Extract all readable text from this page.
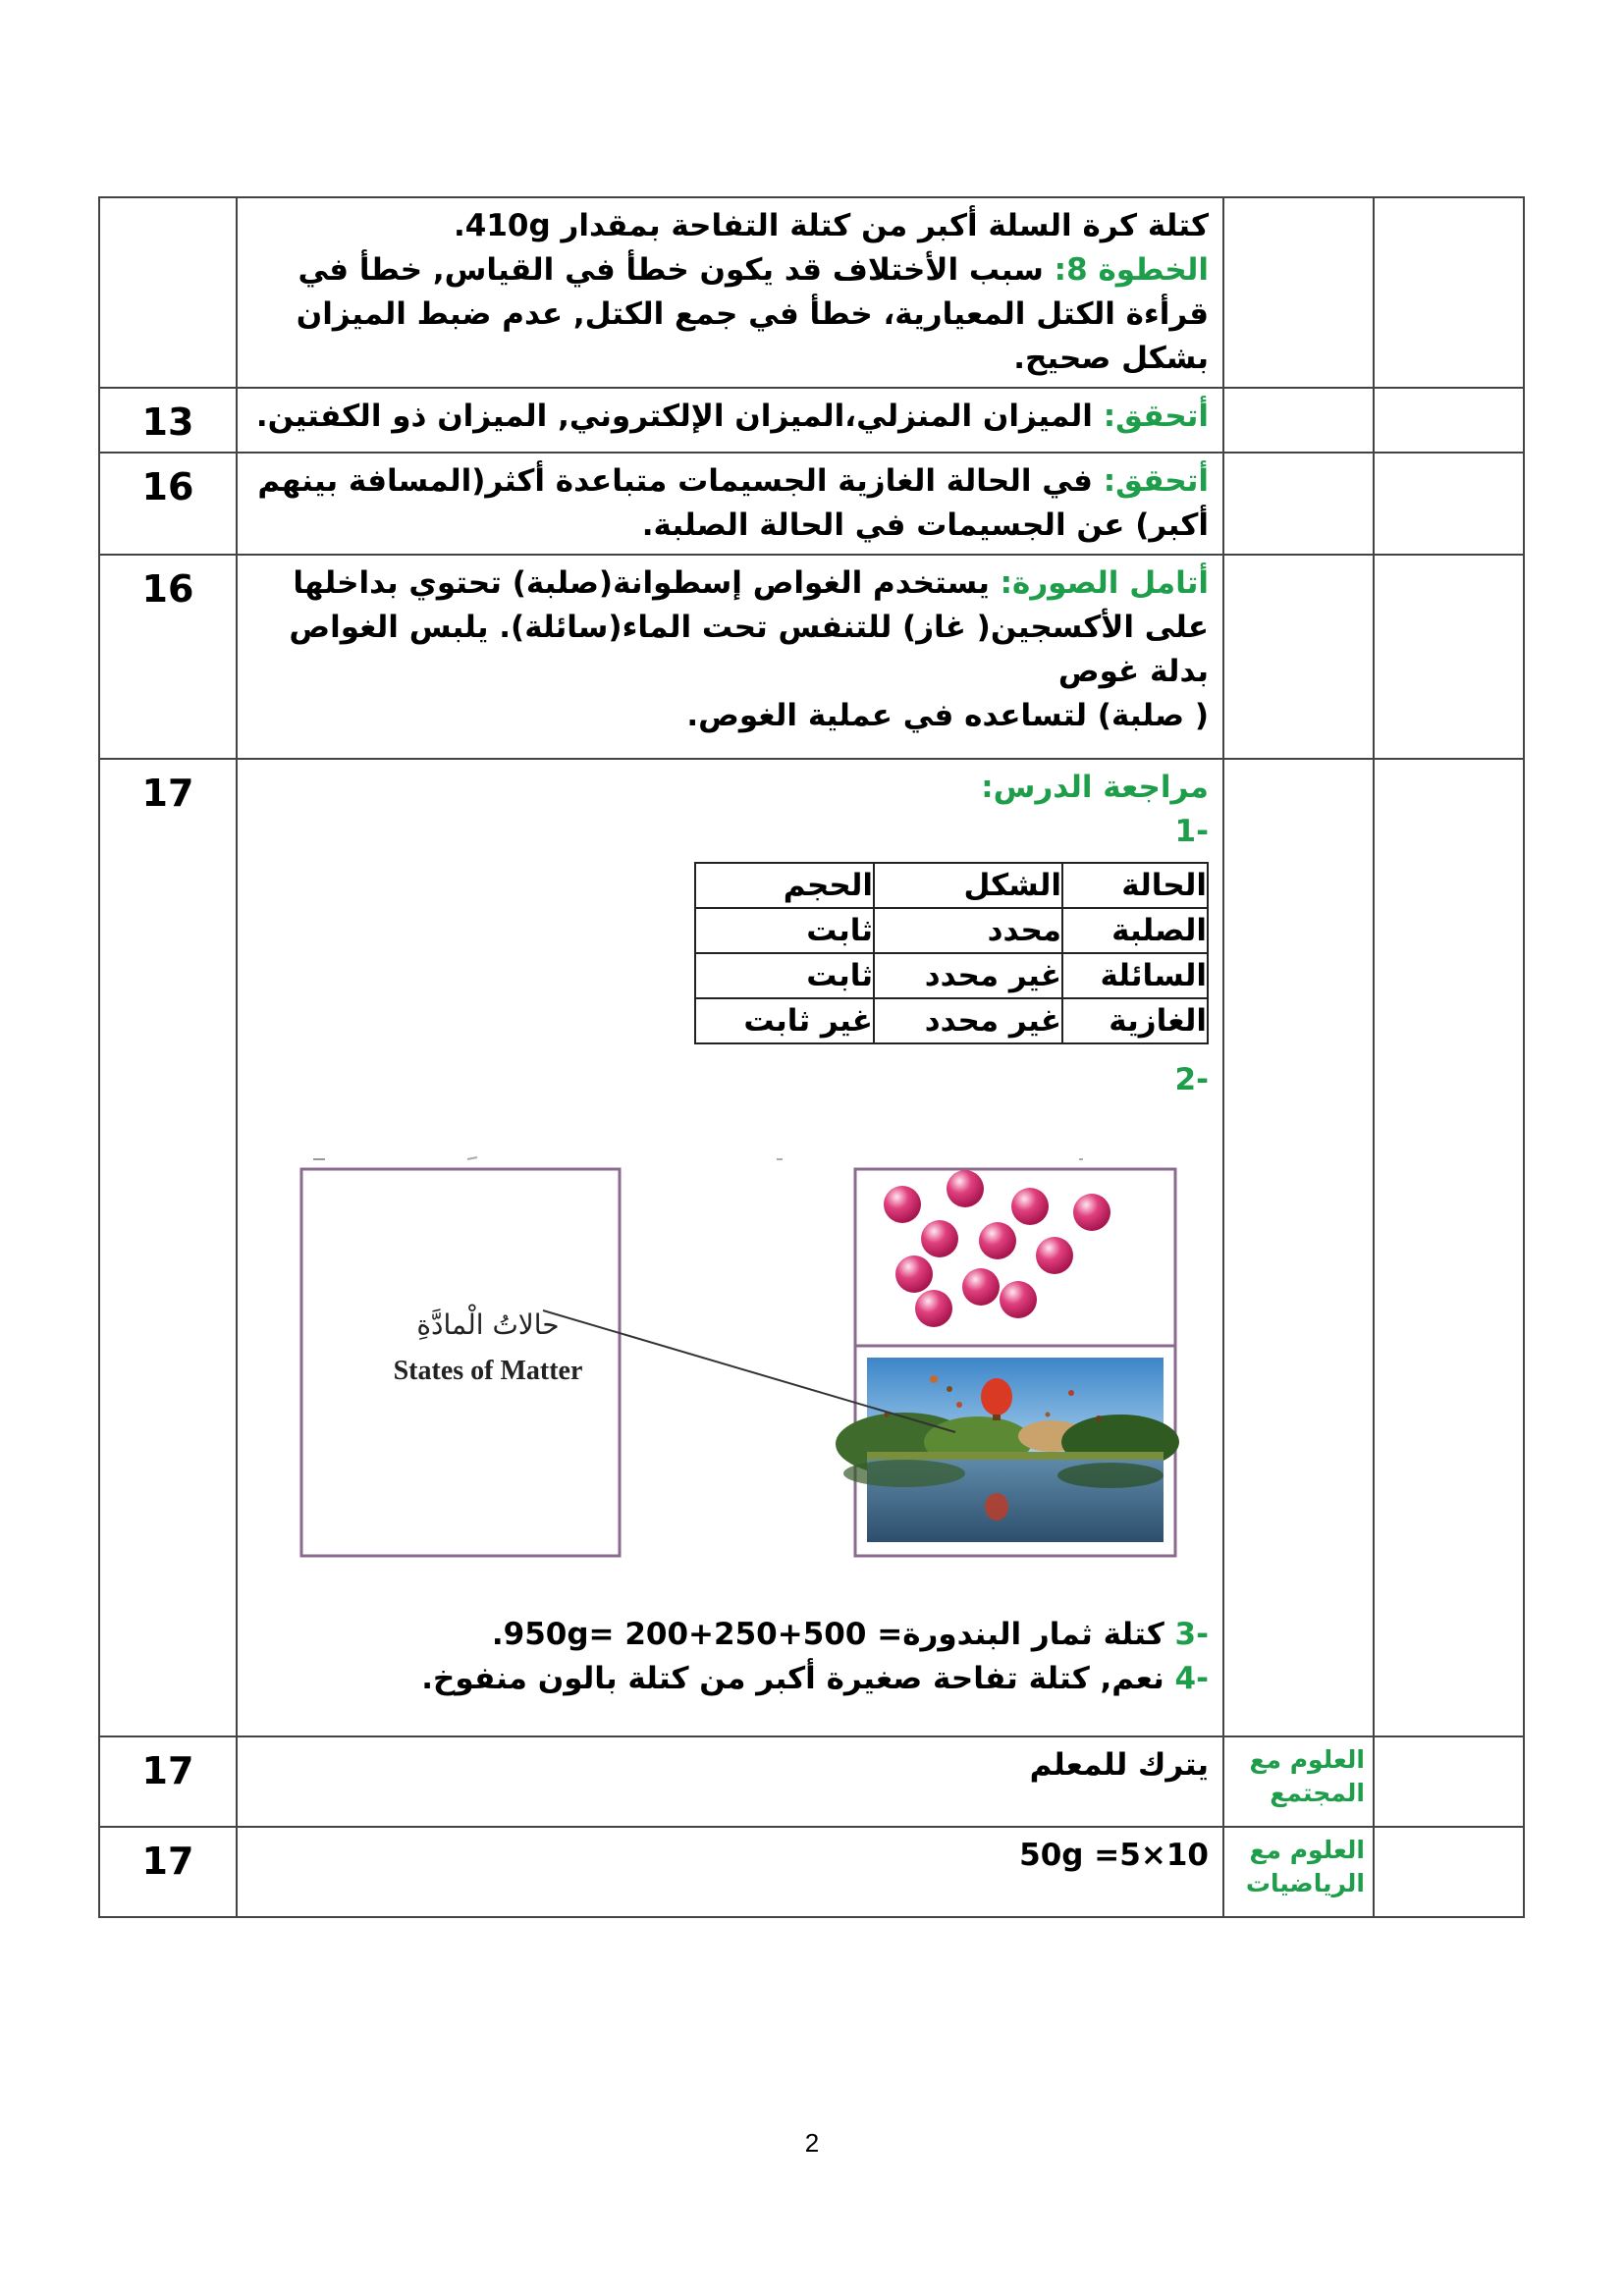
كتلة كرة السلة أكبر من كتلة التفاحة بمقدار 410g.
الخطوة 8: سبب الأختلاف قد يكون خطأ في القياس, خطأ في قرأءة الكتل المعيارية، خطأ في جمع الكتل, عدم ضبط الميزان بشكل صحيح.

13	أتحقق: الميزان المنزلي،الميزان الإلكتروني, الميزان ذو الكفتين.

16	أتحقق: في الحالة الغازية الجسيمات متباعدة أكثر(المسافة بينهم أكبر) عن الجسيمات في الحالة الصلبة.

16	أتامل الصورة: يستخدم الغواص إسطوانة(صلبة) تحتوي بداخلها على الأكسجين( غاز) للتنفس تحت الماء(سائلة). يلبس الغواص بدلة غوص
( صلبة) لتساعده في عملية الغوص.

17	مراجعة الدرس:
-1
الحالة	الشكل	الحجم
الصلبة	محدد	ثابت
السائلة	غير محدد	ثابت
الغازية	غير محدد	غير ثابت
-2
حالاتُ الْمادَّةِ
States of Matter
-3 كتلة ثمار البندورة= 500+250+200 =950g.
-4 نعم, كتلة تفاحة صغيرة أكبر من كتلة بالون منفوخ.

17	يترك للمعلم	العلوم مع المجتمع

17	10×5= 50g	العلوم مع الرياضيات

2
